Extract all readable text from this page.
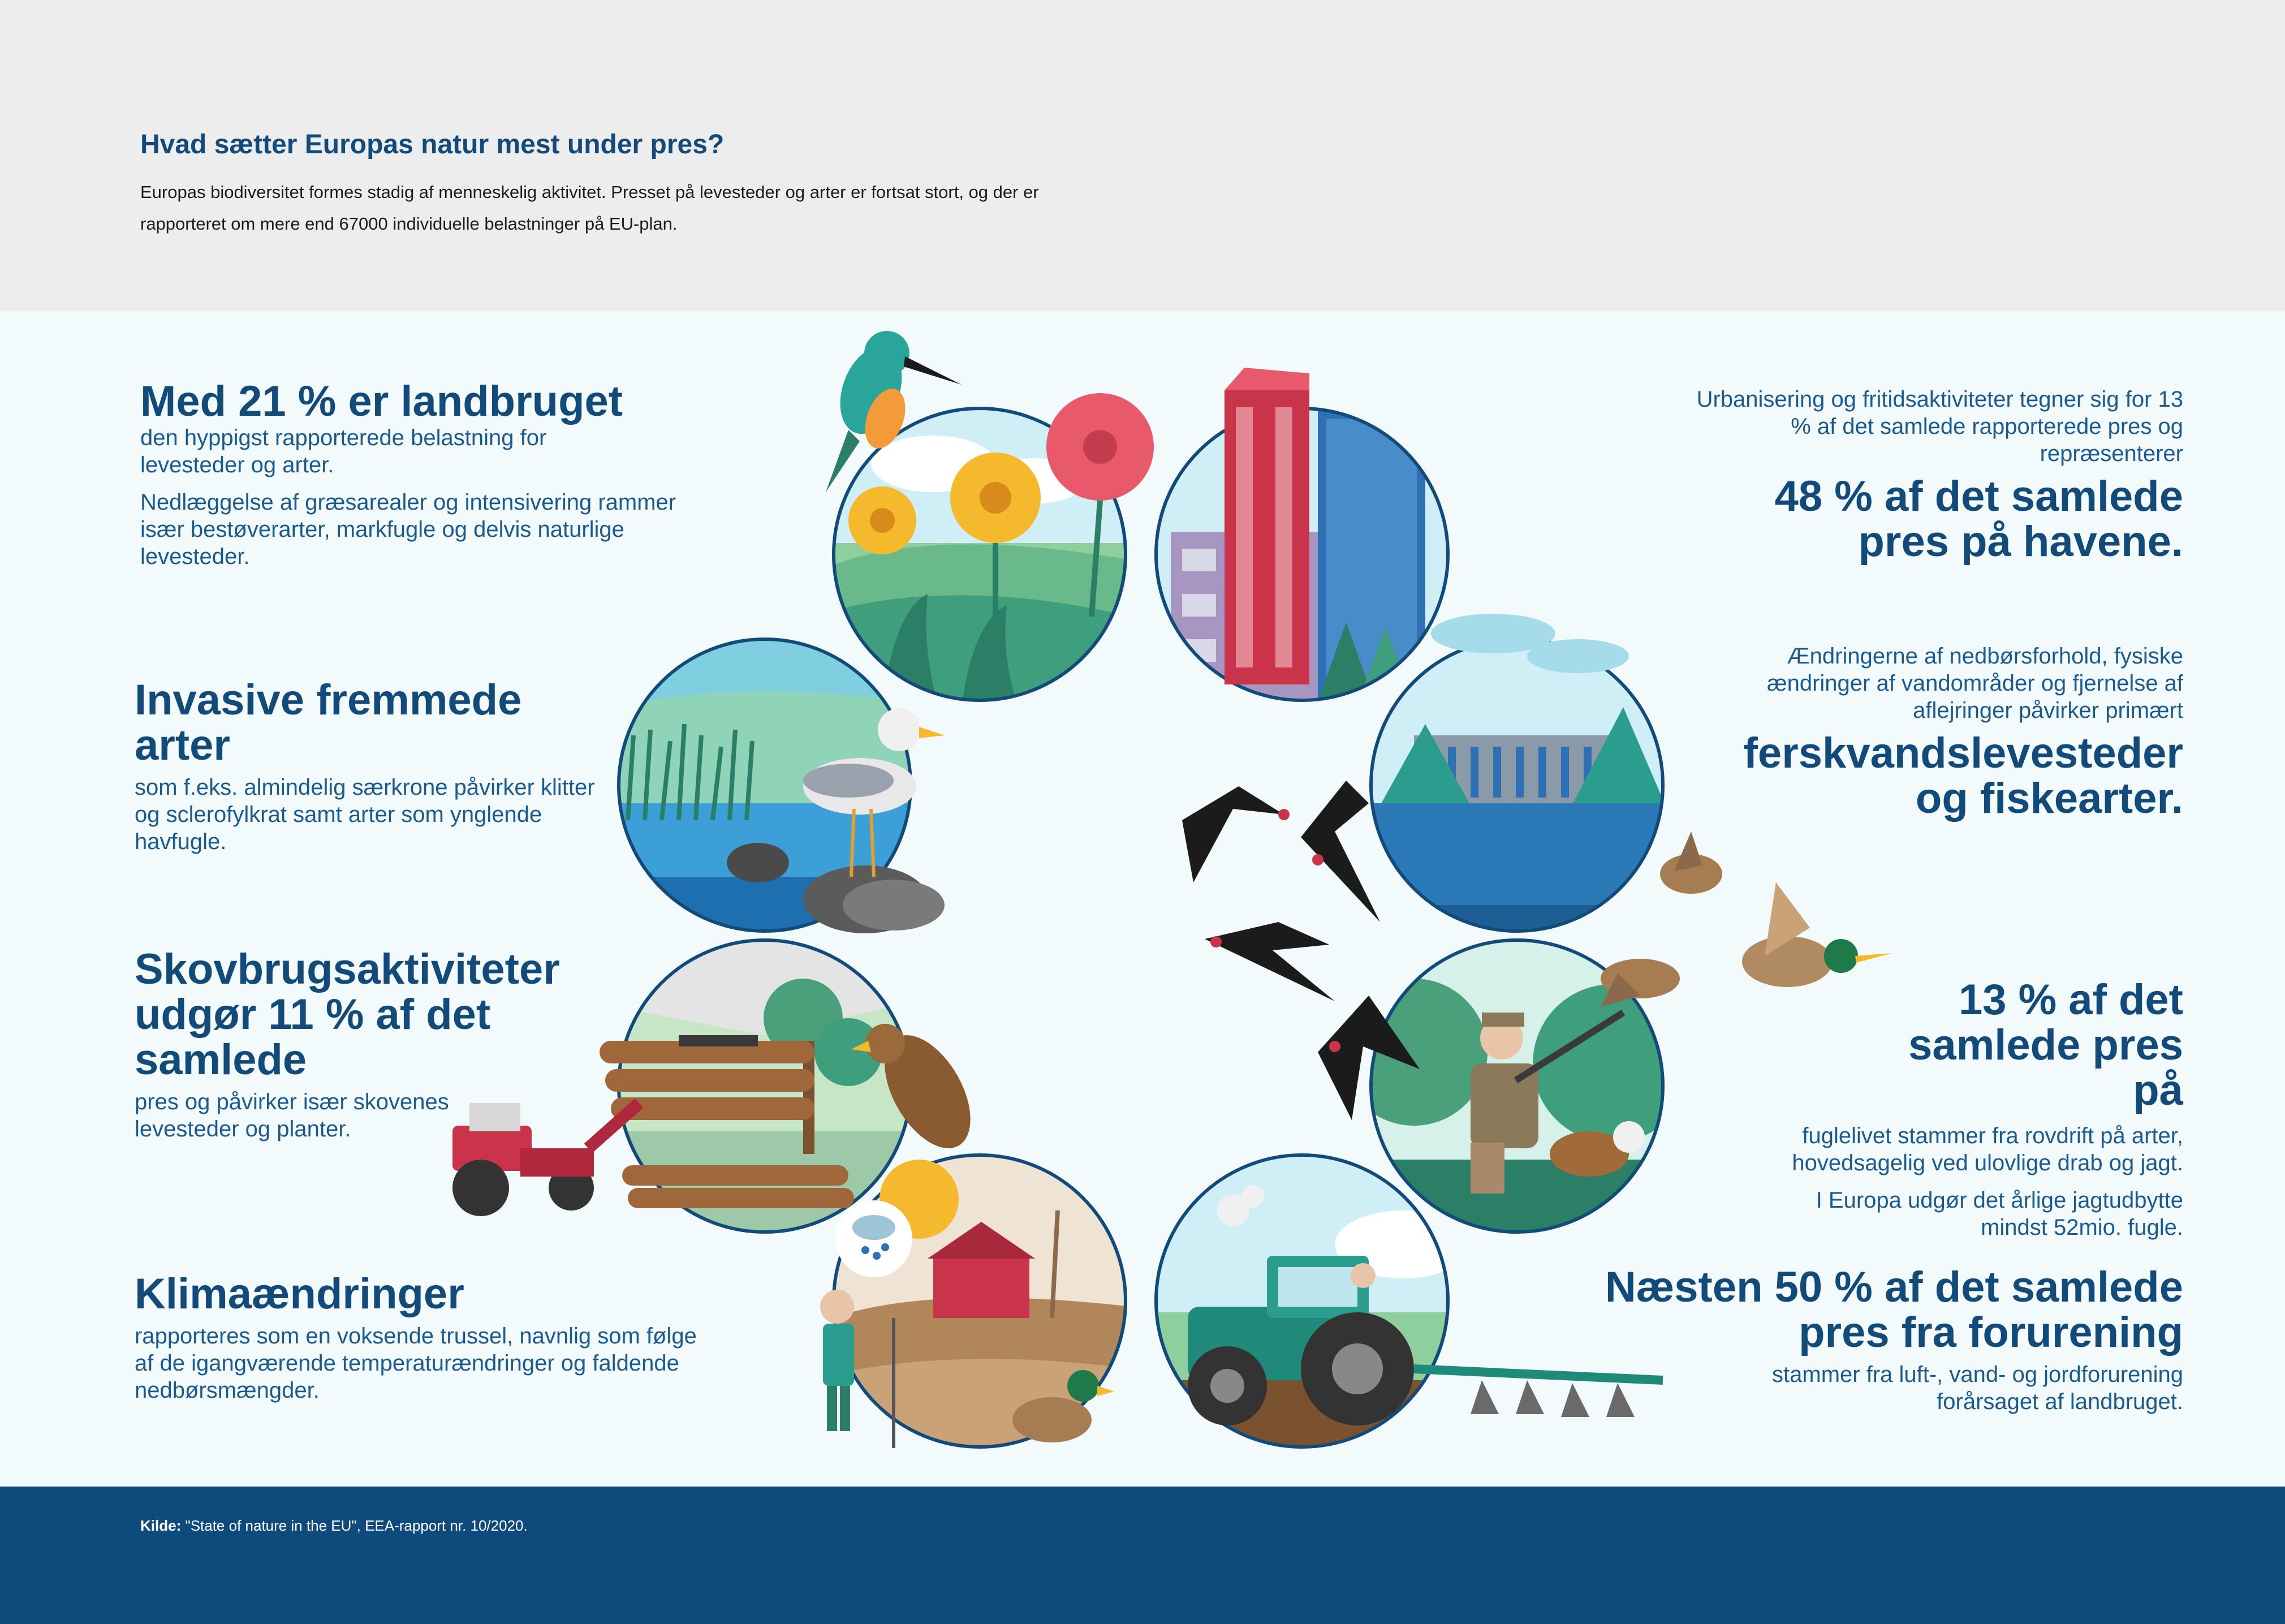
Hvad sætter Europas natur mest under pres?

Europas biodiversitet formes stadig af menneskelig aktivitet. Presset på levesteder og arter er fortsat stort, og der er rapporteret om mere end 67000 individuelle belastninger på EU-plan.

Med 21 % er landbruget

den hyppigst rapporterede belastning for levesteder og arter.

Nedlæggelse af græsarealer og intensivering rammer især bestøverarter, markfugle og delvis naturlige levesteder.

Invasive fremmede arter

som f.eks. almindelig særkrone påvirker klitter og sclerofylkrat samt arter som ynglende havfugle.

Skovbrugsaktiviteter udgør 11 % af det samlede

pres og påvirker især skovenes levesteder og planter.

Klimaændringer

rapporteres som en voksende trussel, navnlig som følge af de igangværende temperaturændringer og faldende nedbørsmængder.

Urbanisering og fritidsaktiviteter tegner sig for 13 % af det samlede rapporterede pres og repræsenterer

48 % af det samlede pres på havene.

Ændringerne af nedbørsforhold, fysiske ændringer af vandområder og fjernelse af aflejringer påvirker primært

ferskvandslevesteder og fiskearter.

13 % af det samlede pres på

fuglelivet stammer fra rovdrift på arter, hovedsagelig ved ulovlige drab og jagt.

I Europa udgør det årlige jagtudbytte mindst 52mio. fugle.

Næsten 50 % af det samlede pres fra forurening

stammer fra luft-, vand- og jordforurening forårsaget af landbruget.

Kilde: "State of nature in the EU", EEA-rapport nr. 10/2020.
